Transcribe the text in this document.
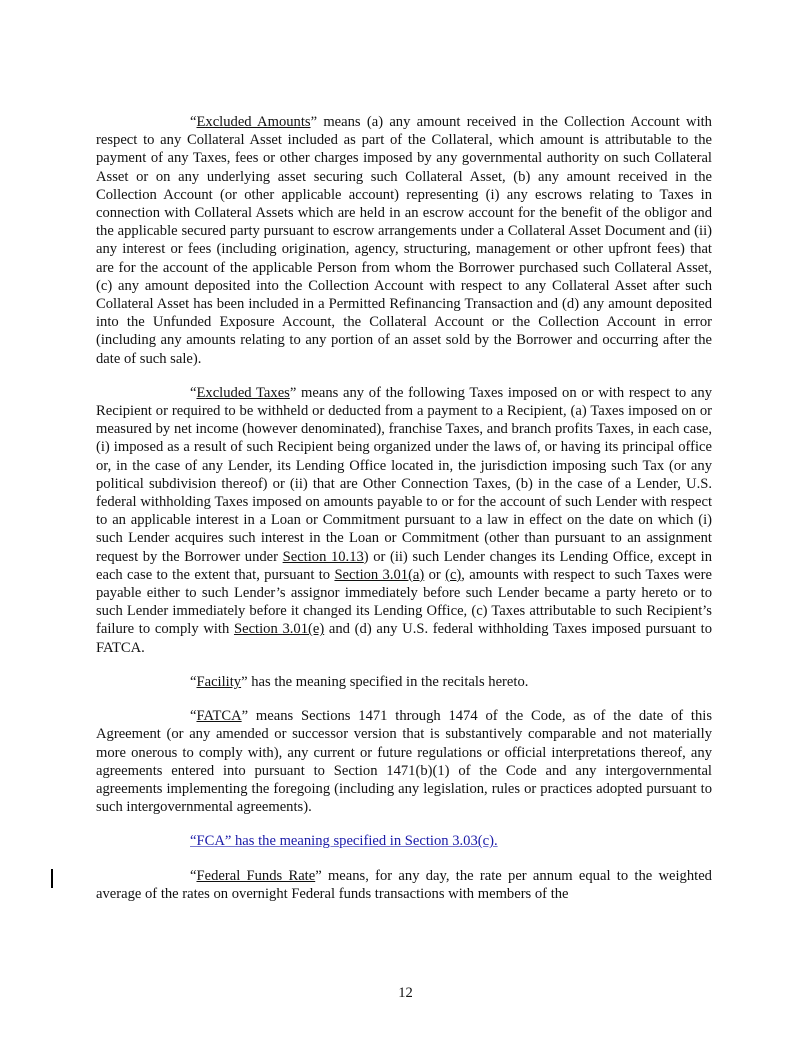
“Excluded Amounts” means (a) any amount received in the Collection Account with respect to any Collateral Asset included as part of the Collateral, which amount is attributable to the payment of any Taxes, fees or other charges imposed by any governmental authority on such Collateral Asset or on any underlying asset securing such Collateral Asset, (b) any amount received in the Collection Account (or other applicable account) representing (i) any escrows relating to Taxes in connection with Collateral Assets which are held in an escrow account for the benefit of the obligor and the applicable secured party pursuant to escrow arrangements under a Collateral Asset Document and (ii) any interest or fees (including origination, agency, structuring, management or other upfront fees) that are for the account of the applicable Person from whom the Borrower purchased such Collateral Asset, (c) any amount deposited into the Collection Account with respect to any Collateral Asset after such Collateral Asset has been included in a Permitted Refinancing Transaction and (d) any amount deposited into the Unfunded Exposure Account, the Collateral Account or the Collection Account in error (including any amounts relating to any portion of an asset sold by the Borrower and occurring after the date of such sale).

“Excluded Taxes” means any of the following Taxes imposed on or with respect to any Recipient or required to be withheld or deducted from a payment to a Recipient, (a) Taxes imposed on or measured by net income (however denominated), franchise Taxes, and branch profits Taxes, in each case, (i) imposed as a result of such Recipient being organized under the laws of, or having its principal office or, in the case of any Lender, its Lending Office located in, the jurisdiction imposing such Tax (or any political subdivision thereof) or (ii) that are Other Connection Taxes, (b) in the case of a Lender, U.S. federal withholding Taxes imposed on amounts payable to or for the account of such Lender with respect to an applicable interest in a Loan or Commitment pursuant to a law in effect on the date on which (i) such Lender acquires such interest in the Loan or Commitment (other than pursuant to an assignment request by the Borrower under Section 10.13) or (ii) such Lender changes its Lending Office, except in each case to the extent that, pursuant to Section 3.01(a) or (c), amounts with respect to such Taxes were payable either to such Lender’s assignor immediately before such Lender became a party hereto or to such Lender immediately before it changed its Lending Office, (c) Taxes attributable to such Recipient’s failure to comply with Section 3.01(e) and (d) any U.S. federal withholding Taxes imposed pursuant to FATCA.

“Facility” has the meaning specified in the recitals hereto.

“FATCA” means Sections 1471 through 1474 of the Code, as of the date of this Agreement (or any amended or successor version that is substantively comparable and not materially more onerous to comply with), any current or future regulations or official interpretations thereof, any agreements entered into pursuant to Section 1471(b)(1) of the Code and any intergovernmental agreements implementing the foregoing (including any legislation, rules or practices adopted pursuant to such intergovernmental agreements).

“FCA” has the meaning specified in Section 3.03(c).

“Federal Funds Rate” means, for any day, the rate per annum equal to the weighted average of the rates on overnight Federal funds transactions with members of the

12
